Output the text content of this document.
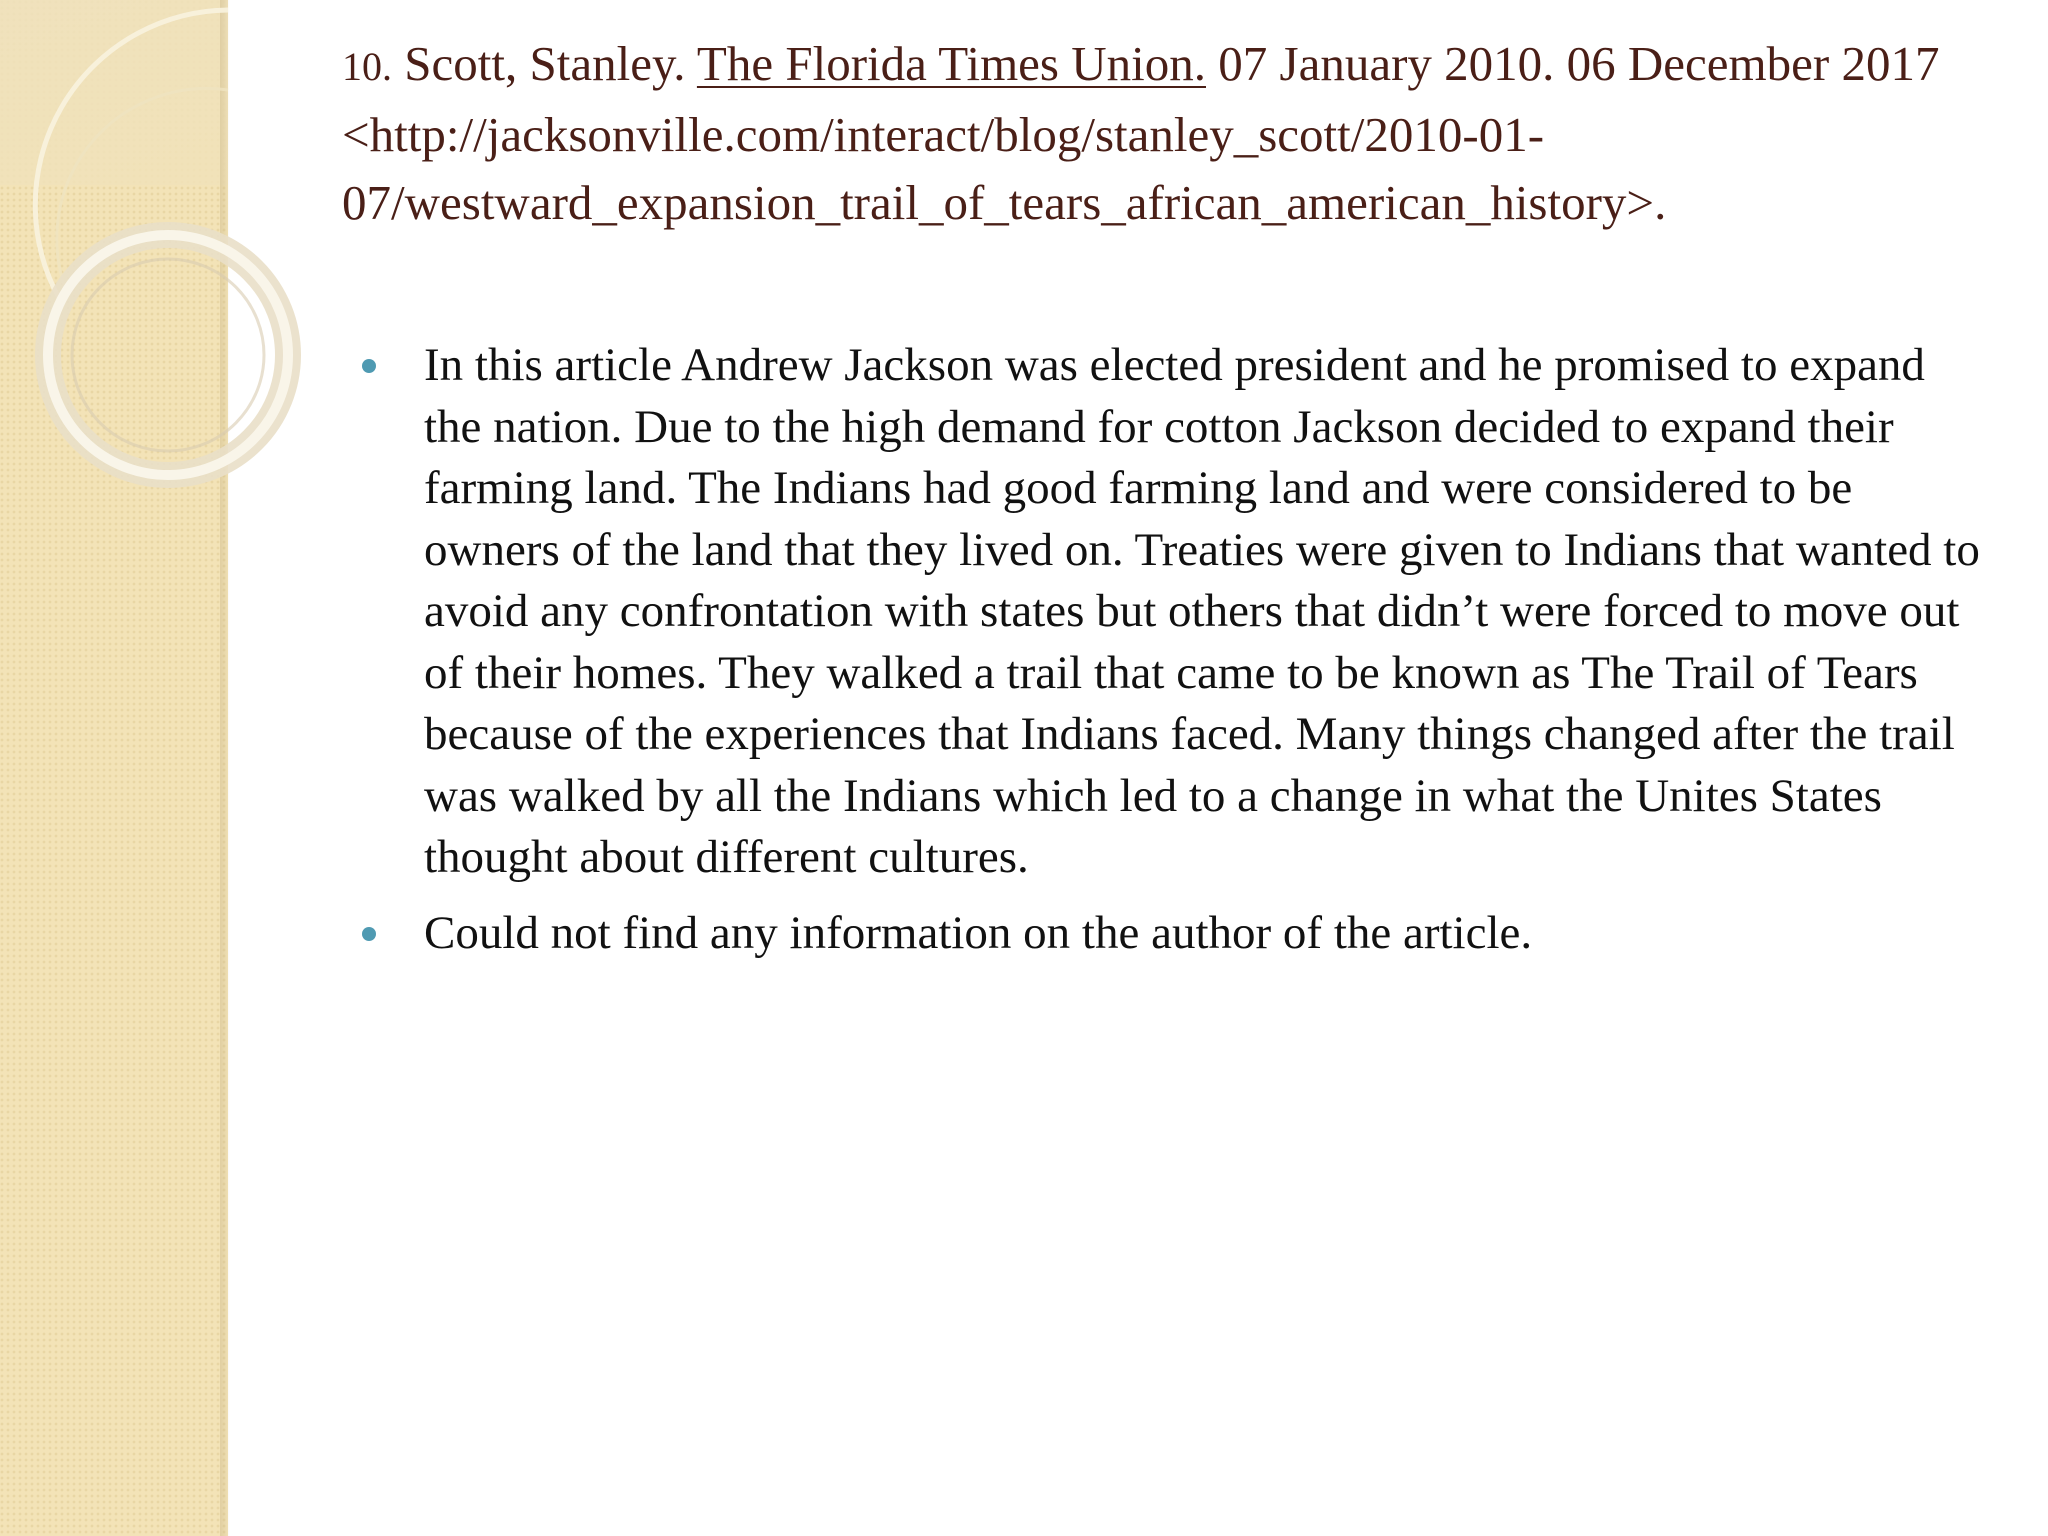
10. Scott, Stanley. The Florida Times Union. 07 January 2010. 06 December 2017
<http://jacksonville.com/interact/blog/stanley_scott/2010-01-
07/westward_expansion_trail_of_tears_african_american_history>.
In this article Andrew Jackson was elected president and he promised to expand the nation. Due to the high demand for cotton Jackson decided to expand their farming land. The Indians had good farming land and were considered to be owners of the land that they lived on. Treaties were given to Indians that wanted to avoid any confrontation with states but others that didn’t were forced to move out of their homes. They walked a trail that came to be known as The Trail of Tears because of the experiences that Indians faced. Many things changed after the trail was walked by all the Indians which led to a change in what the Unites States thought about different cultures.
Could not find any information on the author of the article.
